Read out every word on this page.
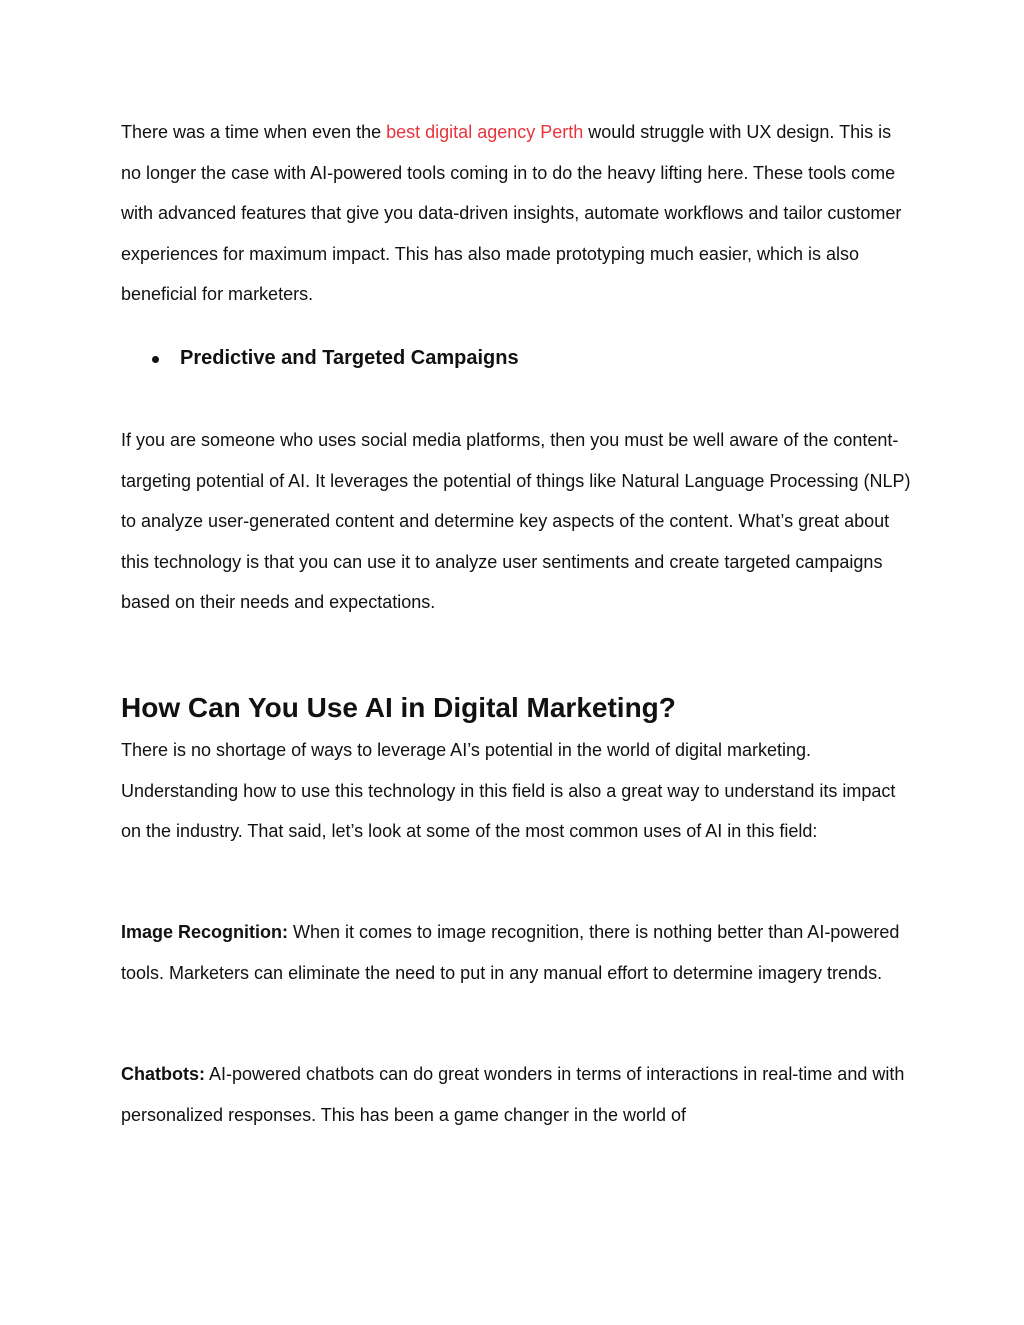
There was a time when even the best digital agency Perth would struggle with UX design. This is no longer the case with AI-powered tools coming in to do the heavy lifting here. These tools come with advanced features that give you data-driven insights, automate workflows and tailor customer experiences for maximum impact. This has also made prototyping much easier, which is also beneficial for marketers.

Predictive and Targeted Campaigns

If you are someone who uses social media platforms, then you must be well aware of the content-targeting potential of AI. It leverages the potential of things like Natural Language Processing (NLP) to analyze user-generated content and determine key aspects of the content. What’s great about this technology is that you can use it to analyze user sentiments and create targeted campaigns based on their needs and expectations.

How Can You Use AI in Digital Marketing?

There is no shortage of ways to leverage AI’s potential in the world of digital marketing. Understanding how to use this technology in this field is also a great way to understand its impact on the industry. That said, let’s look at some of the most common uses of AI in this field:

Image Recognition: When it comes to image recognition, there is nothing better than AI-powered tools. Marketers can eliminate the need to put in any manual effort to determine imagery trends.

Chatbots: AI-powered chatbots can do great wonders in terms of interactions in real-time and with personalized responses. This has been a game changer in the world of
